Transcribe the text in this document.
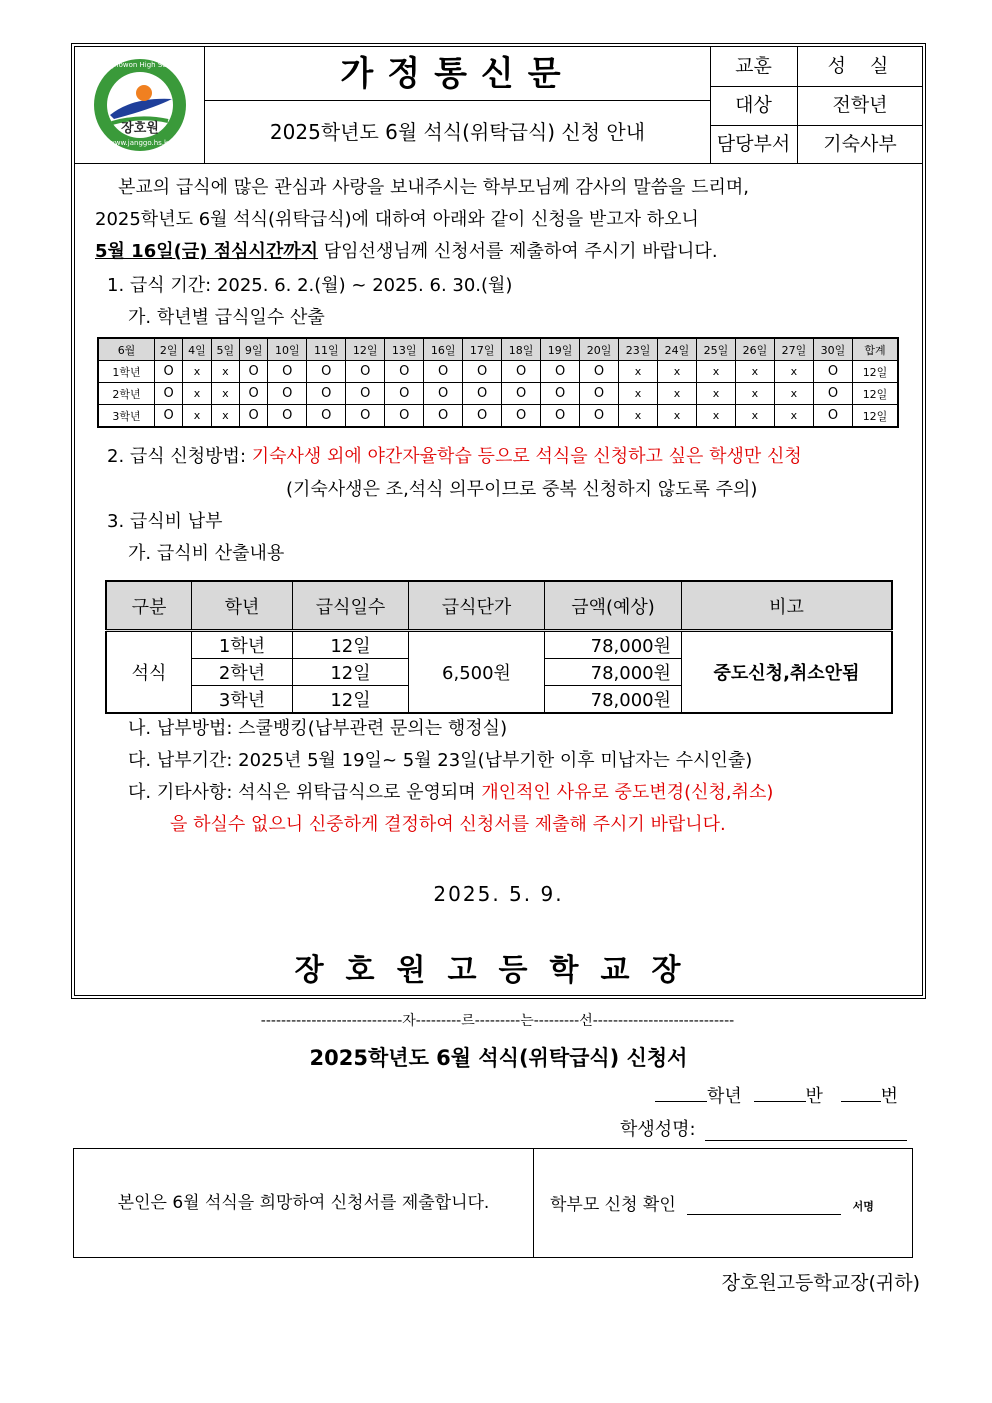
Janghowon High School
www.janggo.hs.kr
장호원
가정통신문
2025학년도 6월 석식(위탁급식) 신청 안내
교훈	성  실
대상	전학년
담당부서	기숙사부
본교의 급식에 많은 관심과 사랑을 보내주시는 학부모님께 감사의 말씀을 드리며,
2025학년도 6월 석식(위탁급식)에 대하여 아래와 같이 신청을 받고자 하오니
5월 16일(금) 점심시간까지 담임선생님께 신청서를 제출하여 주시기 바랍니다.
1. 급식 기간: 2025. 6. 2.(월) ~ 2025. 6. 30.(월)
가. 학년별 급식일수 산출
6월	2일	4일	5일	9일	10일	11일	12일	13일	16일	17일	18일	19일	20일	23일	24일	25일	26일	27일	30일	합계
1학년	O	x	x	O	O	O	O	O	O	O	O	O	O	x	x	x	x	x	O	12일
2학년	O	x	x	O	O	O	O	O	O	O	O	O	O	x	x	x	x	x	O	12일
3학년	O	x	x	O	O	O	O	O	O	O	O	O	O	x	x	x	x	x	O	12일
2. 급식 신청방법: 기숙사생 외에 야간자율학습 등으로 석식을 신청하고 싶은 학생만 신청
(기숙사생은 조,석식 의무이므로 중복 신청하지 않도록 주의)
3. 급식비 납부
가. 급식비 산출내용
구분	학년	급식일수	급식단가	금액(예상)	비고
석식	1학년	12일	6,500원	78,000원	중도신청,취소안됨
	2학년	12일		78,000원	
	3학년	12일		78,000원	
나. 납부방법: 스쿨뱅킹(납부관련 문의는 행정실)
다. 납부기간: 2025년 5월 19일~ 5월 23일(납부기한 이후 미납자는 수시인출)
다. 기타사항: 석식은 위탁급식으로 운영되며 개인적인 사유로 중도변경(신청,취소)
을 하실수 없으니 신중하게 결정하여 신청서를 제출해 주시기 바랍니다.
2025. 5. 9.
장호원고등학교장
----------------------------자---------르---------는---------선----------------------------
2025학년도 6월 석식(위탁급식) 신청서
학년	반	번
학생성명:
본인은 6월 석식을 희망하여 신청서를 제출합니다.	학부모 신청 확인	서명
장호원고등학교장(귀하)
